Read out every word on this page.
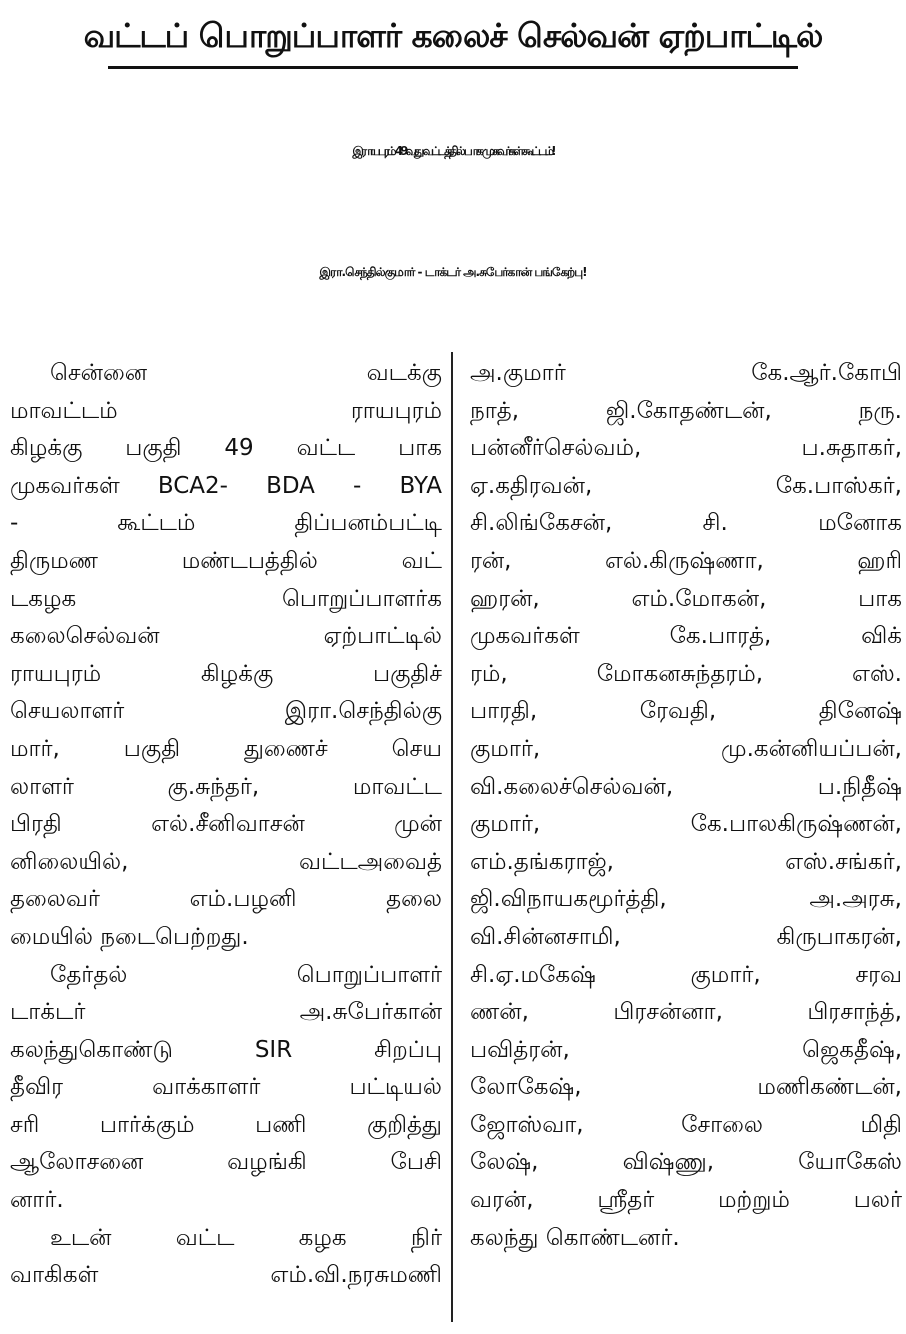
வட்டப் பொறுப்பாளர் கலைச் செல்வன் ஏற்பாட்டில்
இராயபுரம் 49வது வட்டத்தில் பாக முகவர்கள் கூட்டம்!
இரா.செந்தில்குமார் - டாக்டர் அ.சுபேர்கான் பங்கேற்பு!
சென்னை	வடக்கு
மாவட்டம்	ராயபுரம்
கிழக்கு பகுதி 49 வட்ட பாக
முகவர்கள் BCA2- BDA - BYA
-	கூட்டம்	திப்பனம்பட்டி
திருமண	மண்டபத்தில்	வட்
டகழக	பொறுப்பாளர்க
கலைசெல்வன்	ஏற்பாட்டில்
ராயபுரம்	கிழக்கு	பகுதிச்
செயலாளர்	இரா.செந்தில்கு
மார்,	பகுதி	துணைச்	செய
லாளர்	கு.சுந்தர்,	மாவட்ட
பிரதி	எல்.சீனிவாசன்	முன்
னிலையில்,	வட்டஅவைத்
தலைவர்	எம்.பழனி	தலை
மையில் நடைபெற்றது.
தேர்தல்	பொறுப்பாளர்
டாக்டர்	அ.சுபேர்கான்
கலந்துகொண்டு	SIR	சிறப்பு
தீவிர	வாக்காளர்	பட்டியல்
சரி	பார்க்கும்	பணி	குறித்து
ஆலோசனை	வழங்கி	பேசி
னார்.
உடன்	வட்ட	கழக	நிர்
வாகிகள்	எம்.வி.நரசுமணி
அ.குமார்	கே.ஆர்.கோபி
நாத்,	ஜி.கோதண்டன்,	நரு.
பன்னீர்செல்வம்,	ப.சுதாகர்,
ஏ.கதிரவன்,	கே.பாஸ்கர்,
சி.லிங்கேசன்,	சி.	மனோக
ரன்,	எல்.கிருஷ்ணா,	ஹரி
ஹரன்,	எம்.மோகன்,	பாக
முகவர்கள்	கே.பாரத்,	விக்
ரம்,	மோகனசுந்தரம்,	எஸ்.
பாரதி,	ரேவதி,	தினேஷ்
குமார்,	மு.கன்னியப்பன்,
வி.கலைச்செல்வன்,	ப.நிதீஷ்
குமார்,	கே.பாலகிருஷ்ணன்,
எம்.தங்கராஜ்,	எஸ்.சங்கர்,
ஜி.விநாயகமூர்த்தி,	அ.அரசு,
வி.சின்னசாமி,	கிருபாகரன்,
சி.ஏ.மகேஷ்	குமார்,	சரவ
ணன்,	பிரசன்னா,	பிரசாந்த்,
பவித்ரன்,	ஜெகதீஷ்,
லோகேஷ்,	மணிகண்டன்,
ஜோஸ்வா,	சோலை	மிதி
லேஷ்,	விஷ்ணு,	யோகேஸ்
வரன்,	ஸ்ரீதர்	மற்றும்	பலர்
கலந்து கொண்டனர்.
